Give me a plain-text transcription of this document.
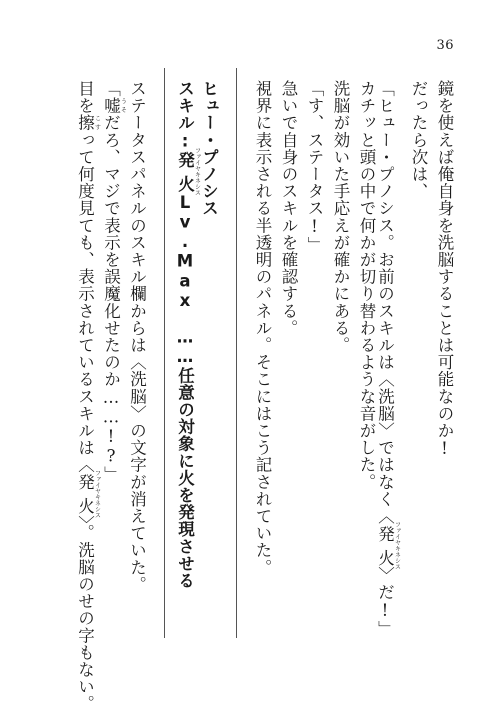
36
鏡を使えば俺自身を洗脳することは可能なのか!
だったら次は、
「ヒュー・プノシス。お前のスキルは〈洗脳〉ではなく〈発火 ファイヤキネシス〉だ!」
カチッと頭の中で何かが切り替わるような音がした。
洗脳が効いた手応えが確かにある。
「す、ステータス!」
急いで自身のスキルを確認する。
視界に表示される半透明のパネル。そこにはこう記されていた。
ヒュー・プノシス
スキル:発火 ファイヤキネシスLv.Max　……任意の対象に火を発現させる
ステータスパネルのスキル欄からは〈洗脳〉の文字が消えていた。
「嘘 うそだろ、マジで表示を誤魔化せたのか……!?」
目を擦 こすって何度見ても、表示されているスキルは〈発火 ファイヤキネシス〉。洗脳のせの字もない。
